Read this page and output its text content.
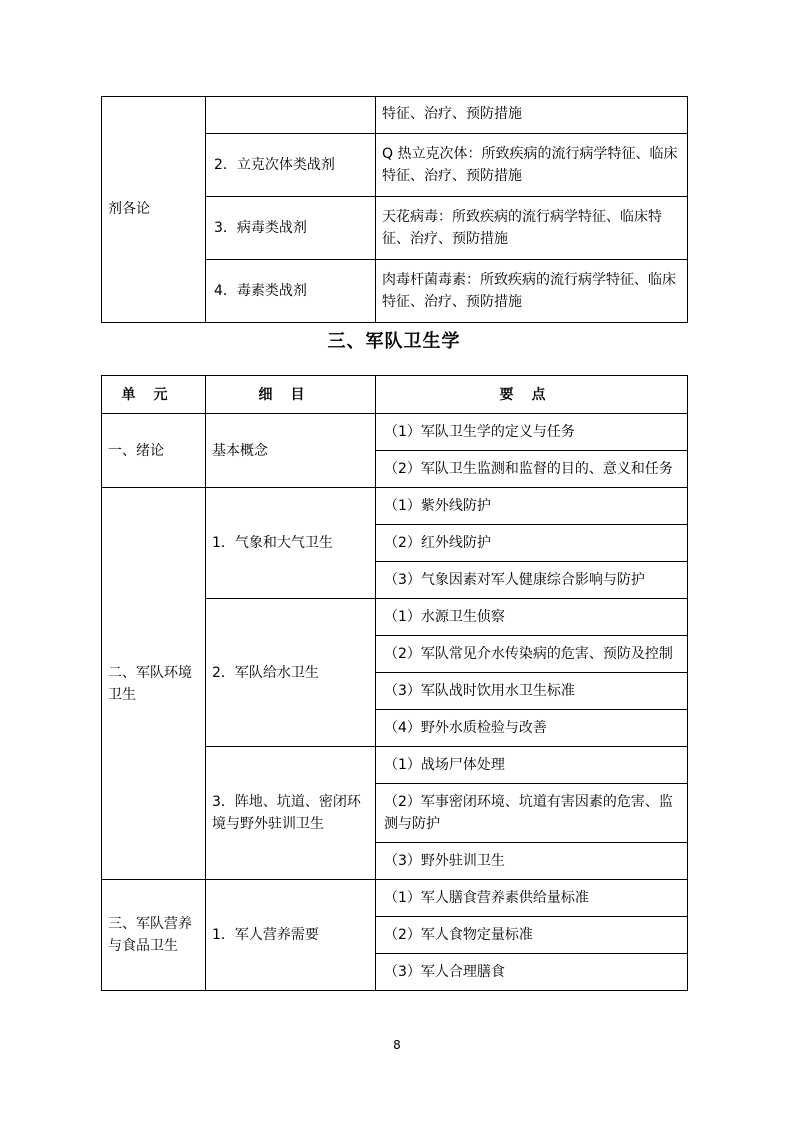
剂各论		特征、治疗、预防措施
	2．立克次体类战剂	Q 热立克次体：所致疾病的流行病学特征、临床特征、治疗、预防措施
	3．病毒类战剂	天花病毒：所致疾病的流行病学特征、临床特征、治疗、预防措施
	4．毒素类战剂	肉毒杆菌毒素：所致疾病的流行病学特征、临床特征、治疗、预防措施
三、军队卫生学
单元	细目	要点
一、绪论	基本概念	（1）军队卫生学的定义与任务
		（2）军队卫生监测和监督的目的、意义和任务
二、军队环境卫生	1．气象和大气卫生	（1）紫外线防护
		（2）红外线防护
		（3）气象因素对军人健康综合影响与防护
	2．军队给水卫生	（1）水源卫生侦察
		（2）军队常见介水传染病的危害、预防及控制
		（3）军队战时饮用水卫生标准
		（4）野外水质检验与改善
	3．阵地、坑道、密闭环境与野外驻训卫生	（1）战场尸体处理
		（2）军事密闭环境、坑道有害因素的危害、监测与防护
		（3）野外驻训卫生
三、军队营养与食品卫生	1．军人营养需要	（1）军人膳食营养素供给量标准
		（2）军人食物定量标准
		（3）军人合理膳食
8
